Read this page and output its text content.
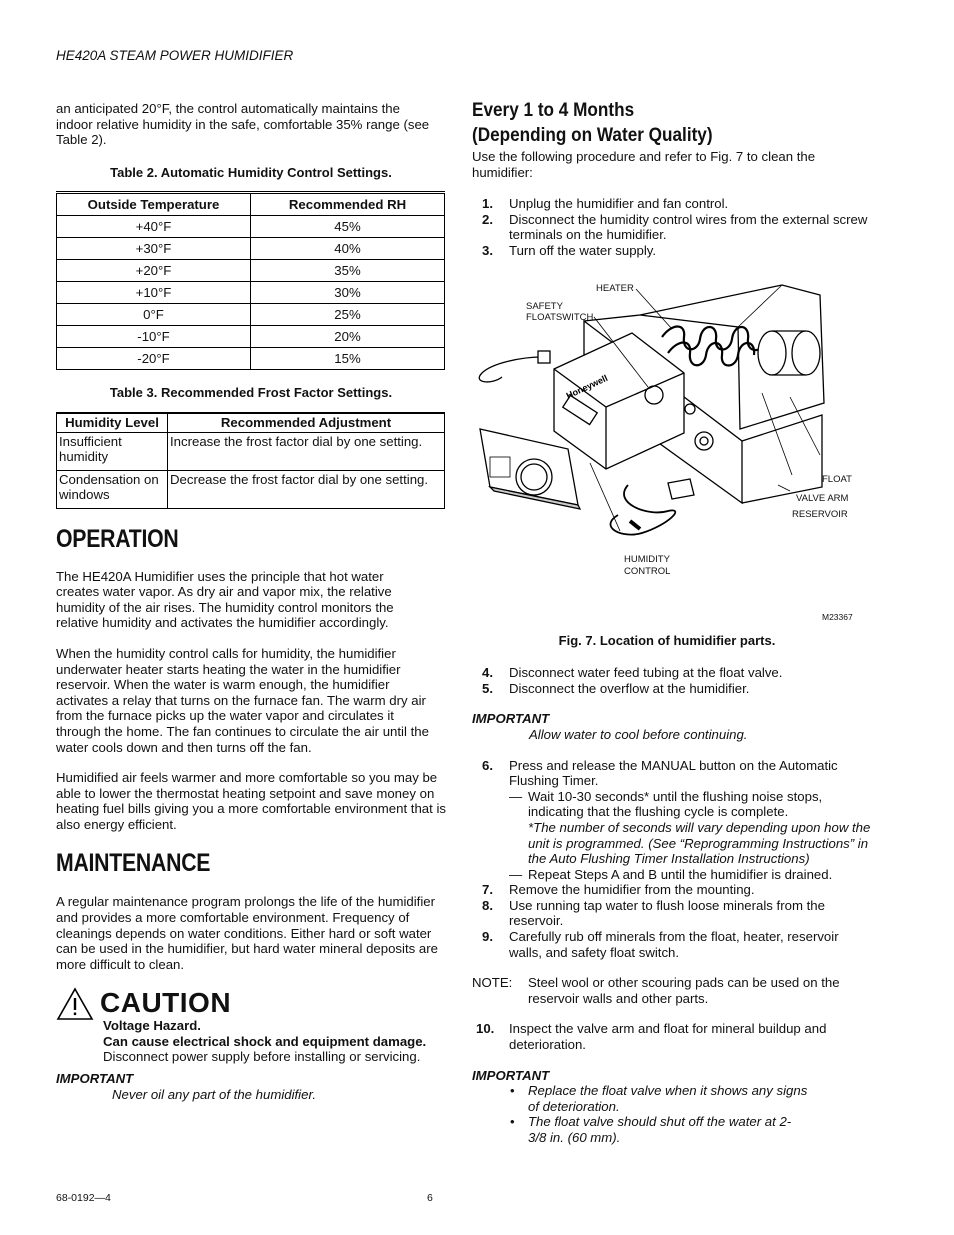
HE420A STEAM POWER HUMIDIFIER

an anticipated 20°F, the control automatically maintains the indoor relative humidity in the safe, comfortable 35% range (see Table 2).

Table 2. Automatic Humidity Control Settings.
Outside Temperature	Recommended RH
+40°F	45%
+30°F	40%
+20°F	35%
+10°F	30%
0°F	25%
-10°F	20%
-20°F	15%
Table 3. Recommended Frost Factor Settings.
Humidity Level	Recommended Adjustment
Insufficient humidity	Increase the frost factor dial by one setting.
Condensation on windows	Decrease the frost factor dial by one setting.
OPERATION

The HE420A Humidifier uses the principle that hot water creates water vapor. As dry air and vapor mix, the relative humidity of the air rises. The humidity control monitors the relative humidity and activates the humidifier accordingly.

When the humidity control calls for humidity, the humidifier underwater heater starts heating the water in the humidifier reservoir. When the water is warm enough, the humidifier activates a relay that turns on the furnace fan. The warm dry air from the furnace picks up the water vapor and circulates it through the home. The fan continues to circulate the air until the water cools down and then turns off the fan.

Humidified air feels warmer and more comfortable so you may be able to lower the thermostat heating setpoint and save money on heating fuel bills giving you a more comfortable environment that is also energy efficient.

MAINTENANCE

A regular maintenance program prolongs the life of the humidifier and provides a more comfortable environment. Frequency of cleanings depends on water conditions. Either hard or soft water can be used in the humidifier, but hard water mineral deposits are more difficult to clean.

CAUTION
Voltage Hazard.
Can cause electrical shock and equipment damage.
Disconnect power supply before installing or servicing.
IMPORTANT
Never oil any part of the humidifier.
Every 1 to 4 Months
(Depending on Water Quality)

Use the following procedure and refer to Fig. 7 to clean the humidifier:

1. Unplug the humidifier and fan control.
2. Disconnect the humidity control wires from the external screw terminals on the humidifier.
3. Turn off the water supply.
Honeywell
HEATER
SAFETY
FLOATSWITCH
FLOAT
VALVE ARM
RESERVOIR
HUMIDITY
CONTROL
M23367
Fig. 7. Location of humidifier parts.
4. Disconnect water feed tubing at the float valve.
5. Disconnect the overflow at the humidifier.
IMPORTANT
Allow water to cool before continuing.
6. Press and release the MANUAL button on the Automatic Flushing Timer.
— Wait 10-30 seconds* until the flushing noise stops, indicating that the flushing cycle is complete.
*The number of seconds will vary depending upon how the unit is programmed. (See “Reprogramming Instructions” in the Auto Flushing Timer Installation Instructions)
— Repeat Steps A and B until the humidifier is drained.
7. Remove the humidifier from the mounting.
8. Use running tap water to flush loose minerals from the reservoir.
9. Carefully rub off minerals from the float, heater, reservoir walls, and safety float switch.
NOTE: Steel wool or other scouring pads can be used on the reservoir walls and other parts.
10. Inspect the valve arm and float for mineral buildup and deterioration.
IMPORTANT
• Replace the float valve when it shows any signs of deterioration.
• The float valve should shut off the water at 2-3/8 in. (60 mm).
68-0192—4	6
